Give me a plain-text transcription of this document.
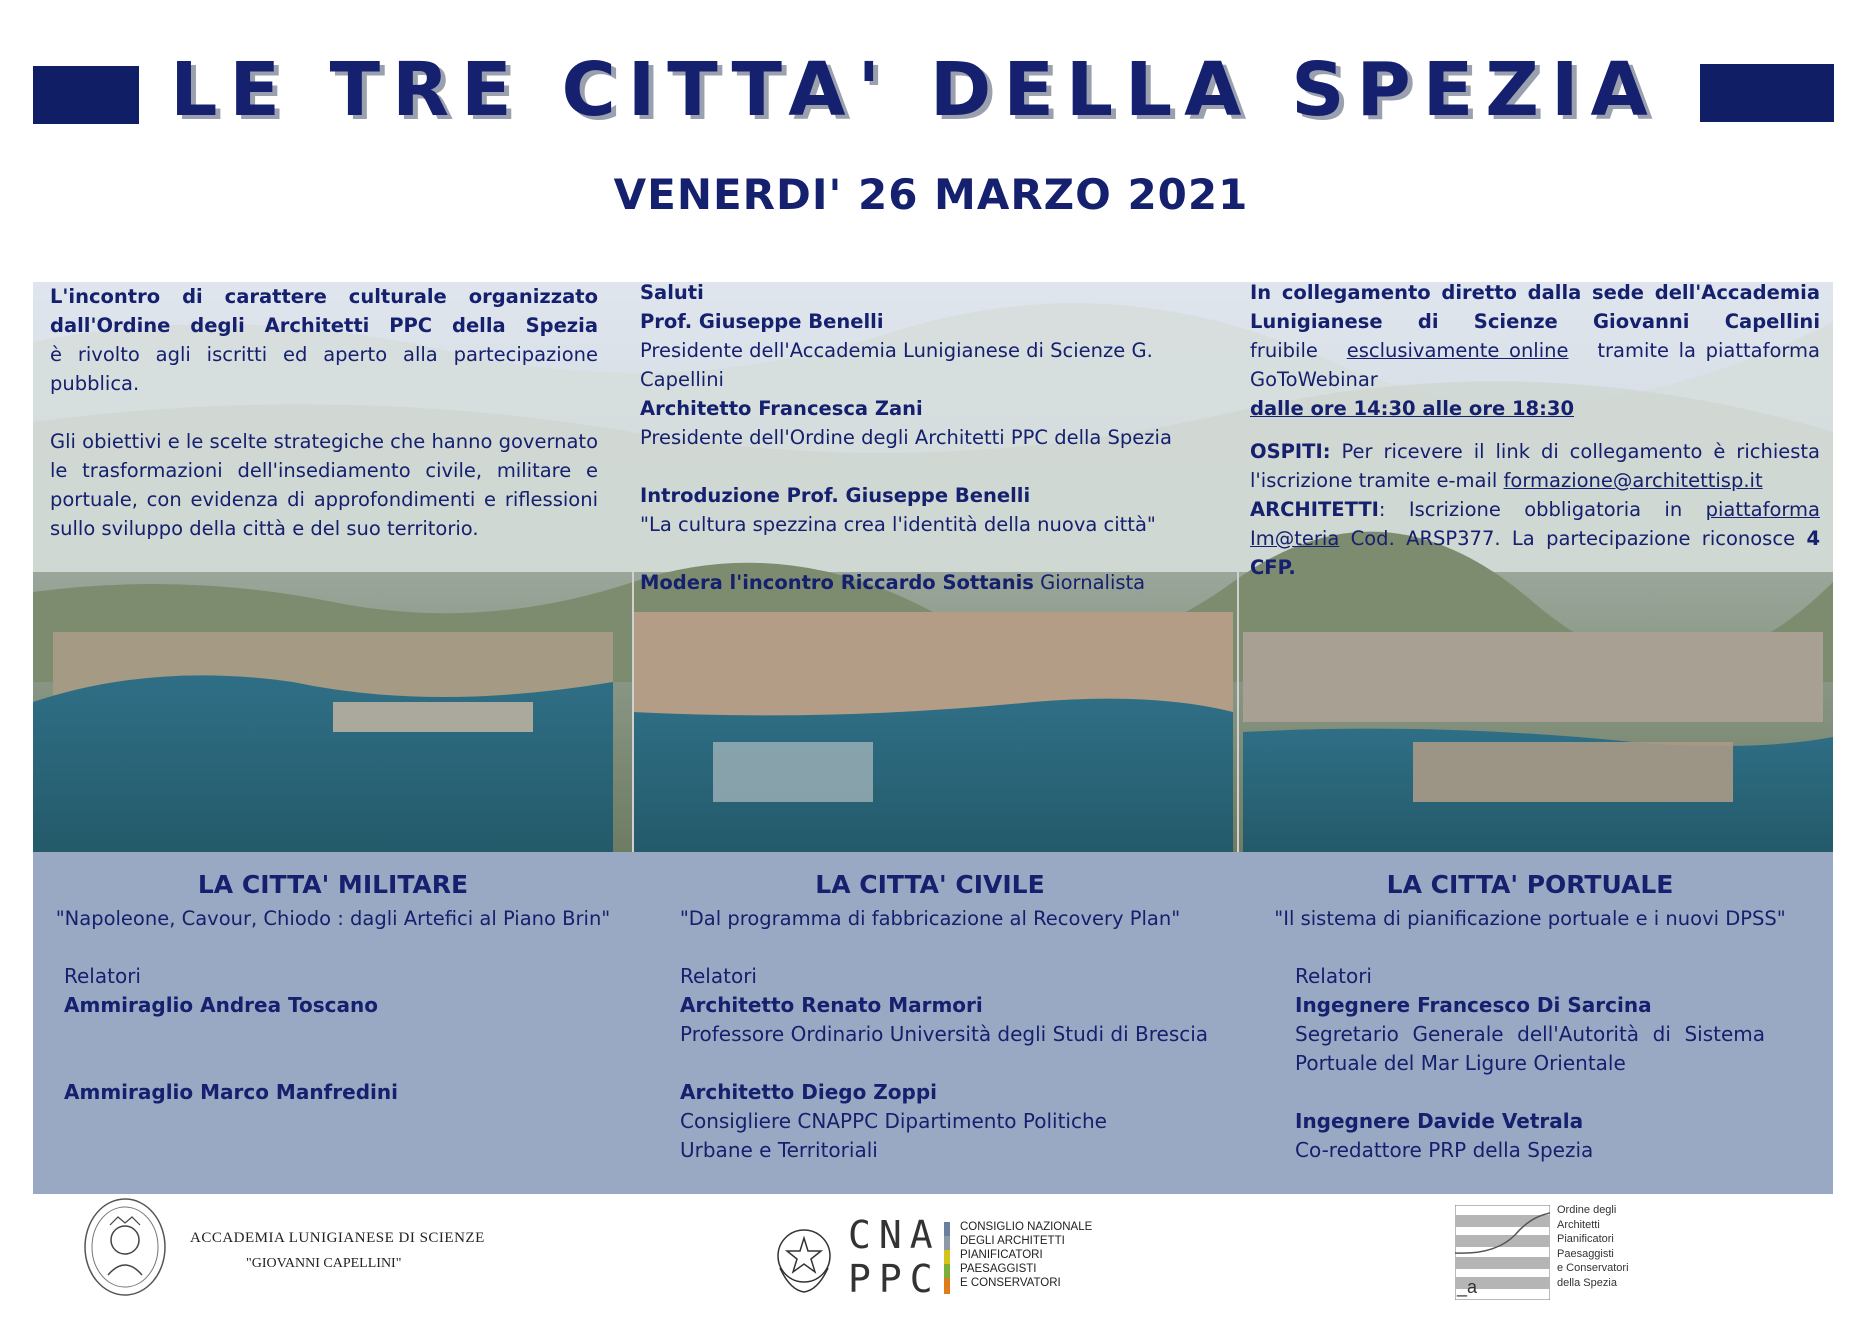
LE TRE CITTA' DELLA SPEZIA
VENERDI' 26 MARZO 2021

L'incontro di carattere culturale organizzato dall'Ordine degli Architetti PPC della Spezia

è rivolto agli iscritti ed aperto alla partecipazione pubblica.

Gli obiettivi e le scelte strategiche che hanno governato le trasformazioni dell'insediamento civile, militare e portuale, con evidenza di approfondimenti e riflessioni sullo sviluppo della città e del suo territorio.

Saluti

Prof. Giuseppe Benelli

Presidente dell'Accademia Lunigianese di Scienze G. Capellini

Architetto Francesca Zani

Presidente dell'Ordine degli Architetti PPC della Spezia

Introduzione Prof. Giuseppe Benelli

"La cultura spezzina crea l'identità della nuova città"

Modera l'incontro Riccardo Sottanis Giornalista

In collegamento diretto dalla sede dell'Accademia Lunigianese di Scienze Giovanni Capellini

fruibile esclusivamente online tramite la piattaforma GoToWebinar

dalle ore 14:30 alle ore 18:30

OSPITI: Per ricevere il link di collegamento è richiesta l'iscrizione tramite e-mail formazione@architettisp.it

ARCHITETTI: Iscrizione obbligatoria in piattaforma Im@teria Cod. ARSP377. La partecipazione riconosce 4 CFP.

LA CITTA' MILITARE
"Napoleone, Cavour, Chiodo : dagli Artefici al Piano Brin"
Relatori
Ammiraglio Andrea Toscano
Ammiraglio Marco Manfredini
LA CITTA' CIVILE
"Dal programma di fabbricazione al Recovery Plan"
Relatori
Architetto Renato Marmori
Professore Ordinario Università degli Studi di Brescia
Architetto Diego Zoppi
Consigliere CNAPPC Dipartimento Politiche Urbane e Territoriali
LA CITTA' PORTUALE
"Il sistema di pianificazione portuale e i nuovi DPSS"
Relatori
Ingegnere Francesco Di Sarcina
Segretario Generale dell'Autorità di Sistema Portuale del Mar Ligure Orientale
Ingegnere Davide Vetrala
Co-redattore PRP della Spezia
ACCADEMIA LUNIGIANESE DI SCIENZE
"GIOVANNI CAPELLINI"
CNA
PPC
CONSIGLIO NAZIONALE
DEGLI ARCHITETTI
PIANIFICATORI
PAESAGGISTI
E CONSERVATORI	_a
Ordine degli
Architetti
Pianificatori
Paesaggisti
e Conservatori
della Spezia
